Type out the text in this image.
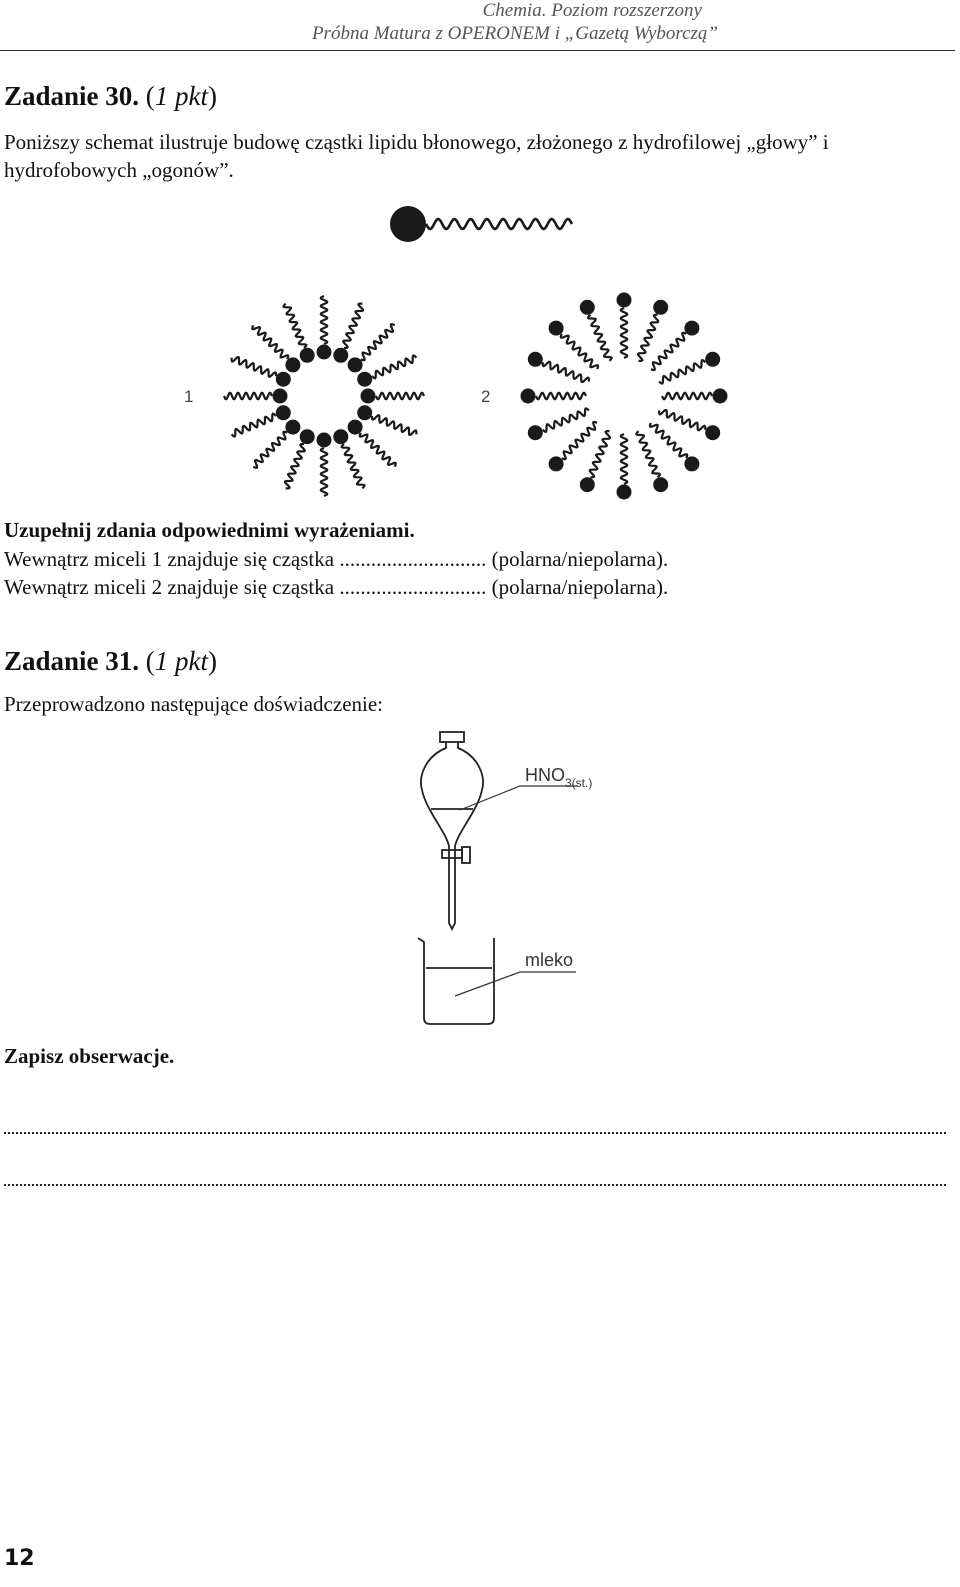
Chemia. Poziom rozszerzony
Próbna Matura z OPERONEM i „Gazetą Wyborczą”
Zadanie 30. (1 pkt)
Poniższy schemat ilustruje budowę cząstki lipidu błonowego, złożonego z hydrofilowej „głowy” i hydrofobowych „ogonów”.
1	2
Uzupełnij zdania odpowiednimi wyrażeniami.
Wewnątrz miceli 1 znajduje się cząstka ............................ (polarna/niepolarna).
Wewnątrz miceli 2 znajduje się cząstka ............................ (polarna/niepolarna).
Zadanie 31. (1 pkt)
Przeprowadzono następujące doświadczenie:
$HNO_{3(st.)}$
mleko
Zapisz obserwacje.
12
